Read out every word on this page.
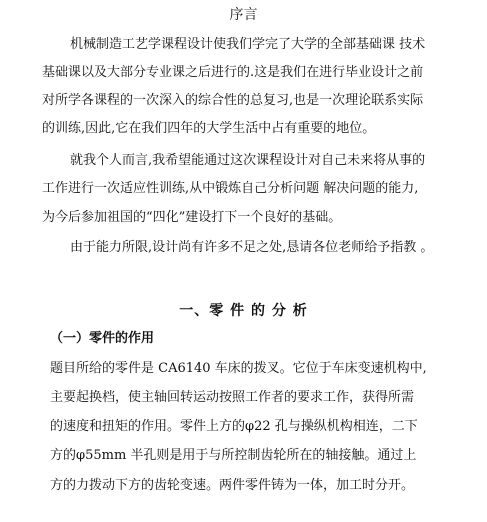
序言
机械制造工艺学课程设计使我们学完了大学的全部基础课 技术
基础课以及大部分专业课之后进行的.这是我们在进行毕业设计之前
对所学各课程的一次深入的综合性的总复习,也是一次理论联系实际
的训练,因此,它在我们四年的大学生活中占有重要的地位。
就我个人而言,我希望能通过这次课程设计对自己未来将从事的
工作进行一次适应性训练,从中锻炼自己分析问题 解决问题的能力,
为今后参加祖国的“四化”建设打下一个良好的基础。
由于能力所限,设计尚有许多不足之处,恳请各位老师给予指教 。
一、零 件 的 分 析
（一）零件的作用
题目所给的零件是 CA6140 车床的拨叉。它位于车床变速机构中,
主要起换档，使主轴回转运动按照工作者的要求工作，获得所需
的速度和扭矩的作用。零件上方的φ22 孔与操纵机构相连，二下
方的φ55mm 半孔则是用于与所控制齿轮所在的轴接触。通过上
方的力拨动下方的齿轮变速。两件零件铸为一体，加工时分开。
